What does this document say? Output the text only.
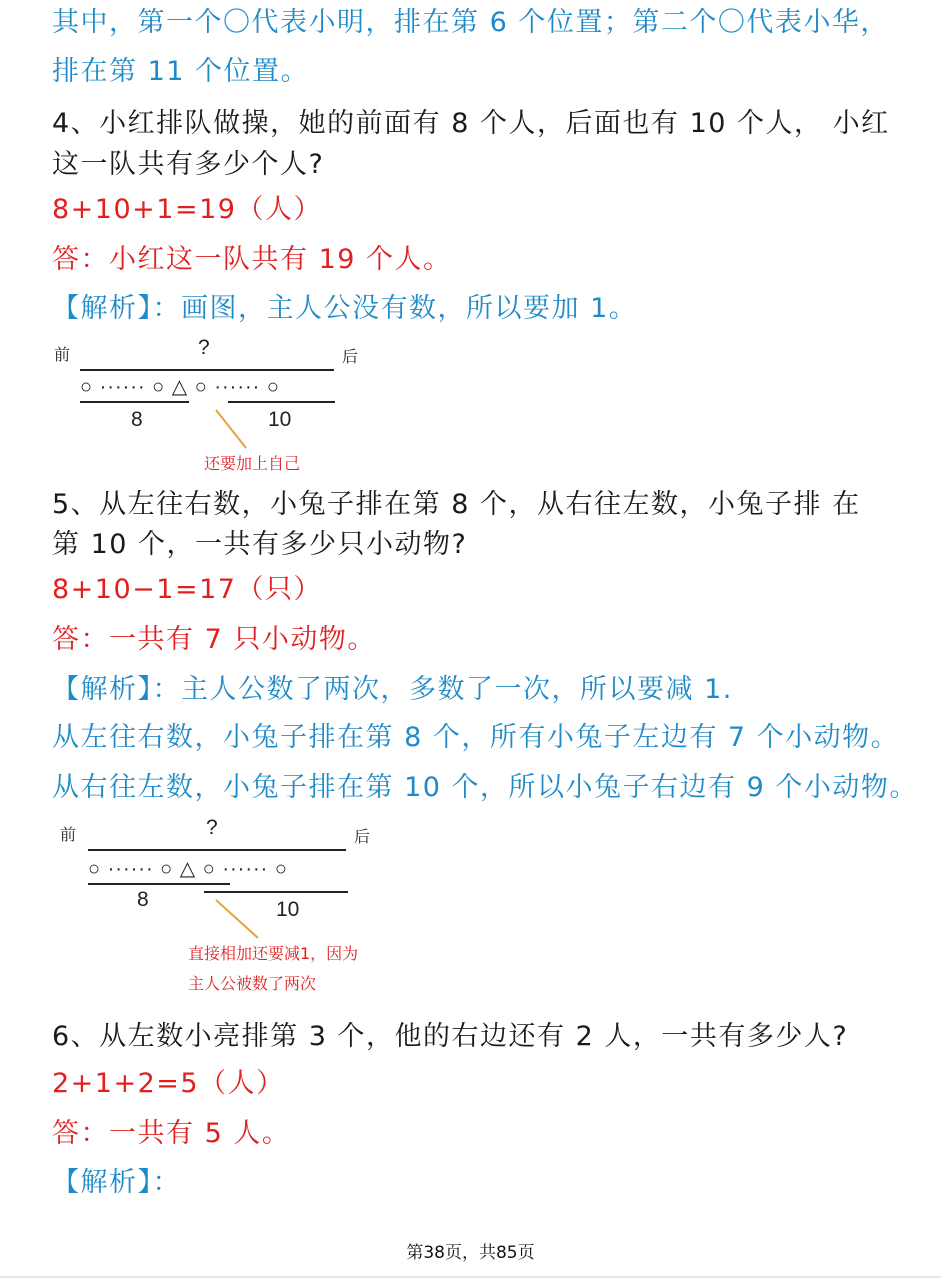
其中，第一个〇代表小明，排在第 6 个位置；第二个〇代表小华，

排在第 11 个位置。

4、小红排队做操，她的前面有 8 个人，后面也有 10 个人， 小红

这一队共有多少个人?

8+10+1=19（人）

答：小红这一队共有 19 个人。

【解析】：画图，主人公没有数，所以要加 1。

前	?	后
○ ······ ○ △ ○ ······ ○
8	10
还要加上自己

5、从左往右数，小兔子排在第 8 个，从右往左数，小兔子排 在

第 10 个，一共有多少只小动物?

8+10−1=17（只）

答：一共有 7 只小动物。

【解析】：主人公数了两次，多数了一次，所以要减 1.

从左往右数，小兔子排在第 8 个，所有小兔子左边有 7 个小动物。

从右往左数，小兔子排在第 10 个，所以小兔子右边有 9 个小动物。

前	?	后
○ ······ ○ △ ○ ······ ○
8	10
直接相加还要减1，因为
主人公被数了两次

6、从左数小亮排第 3 个，他的右边还有 2 人，一共有多少人?

2+1+2=5（人）

答：一共有 5 人。

【解析】：

第38页，共85页
